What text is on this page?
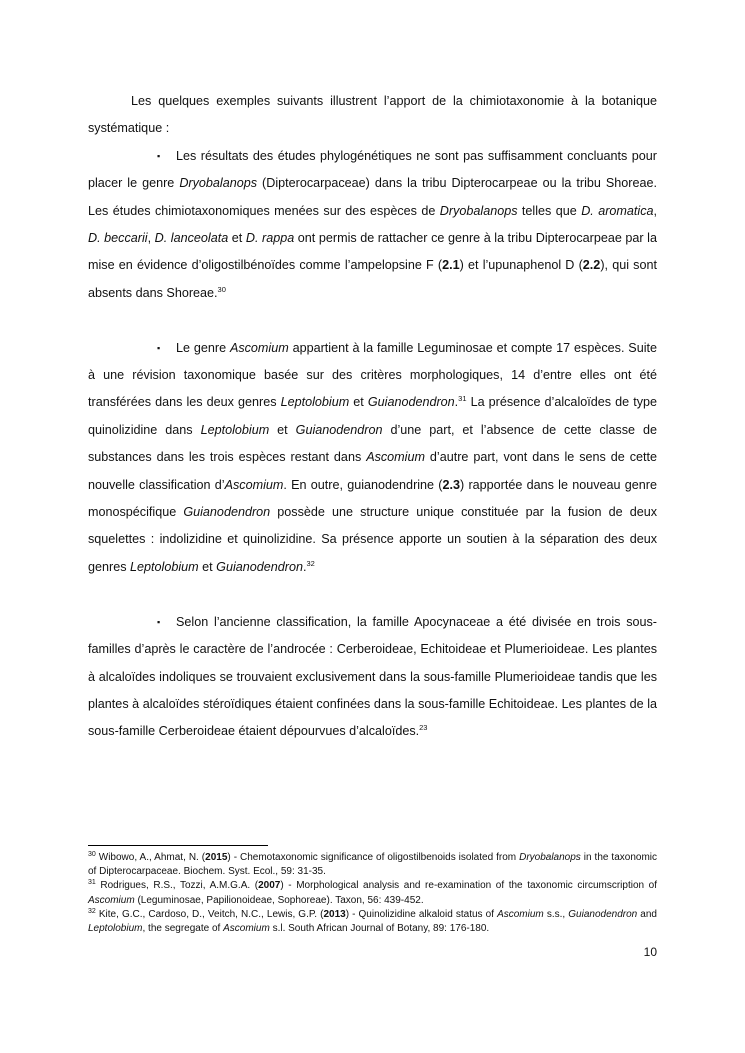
Les quelques exemples suivants illustrent l’apport de la chimiotaxonomie à la botanique systématique :

▪ Les résultats des études phylogénétiques ne sont pas suffisamment concluants pour placer le genre Dryobalanops (Dipterocarpaceae) dans la tribu Dipterocarpeae ou la tribu Shoreae. Les études chimiotaxonomiques menées sur des espèces de Dryobalanops telles que D. aromatica, D. beccarii, D. lanceolata et D. rappa ont permis de rattacher ce genre à la tribu Dipterocarpeae par la mise en évidence d’oligostilbénoïdes comme l’ampelopsine F (2.1) et l’upunaphenol D (2.2), qui sont absents dans Shoreae.$^{30}$

▪ Le genre Ascomium appartient à la famille Leguminosae et compte 17 espèces. Suite à une révision taxonomique basée sur des critères morphologiques, 14 d’entre elles ont été transférées dans les deux genres Leptolobium et Guianodendron.$^{31}$ La présence d’alcaloïdes de type quinolizidine dans Leptolobium et Guianodendron d’une part, et l’absence de cette classe de substances dans les trois espèces restant dans Ascomium d’autre part, vont dans le sens de cette nouvelle classification d’Ascomium. En outre, guianodendrine (2.3) rapportée dans le nouveau genre monospécifique Guianodendron possède une structure unique constituée par la fusion de deux squelettes : indolizidine et quinolizidine. Sa présence apporte un soutien à la séparation des deux genres Leptolobium et Guianodendron.$^{32}$

▪ Selon l’ancienne classification, la famille Apocynaceae a été divisée en trois sous-familles d’après le caractère de l’androcée : Cerberoideae, Echitoideae et Plumerioideae. Les plantes à alcaloïdes indoliques se trouvaient exclusivement dans la sous-famille Plumerioideae tandis que les plantes à alcaloïdes stéroïdiques étaient confinées dans la sous-famille Echitoideae. Les plantes de la sous-famille Cerberoideae étaient dépourvues d’alcaloïdes.$^{23}$

$^{30}$ Wibowo, A., Ahmat, N. (2015) - Chemotaxonomic significance of oligostilbenoids isolated from Dryobalanops in the taxonomic of Dipterocarpaceae. Biochem. Syst. Ecol., 59: 31-35.

$^{31}$ Rodrigues, R.S., Tozzi, A.M.G.A. (2007) - Morphological analysis and re-examination of the taxonomic circumscription of Ascomium (Leguminosae, Papilionoideae, Sophoreae). Taxon, 56: 439-452.

$^{32}$ Kite, G.C., Cardoso, D., Veitch, N.C., Lewis, G.P. (2013) - Quinolizidine alkaloid status of Ascomium s.s., Guianodendron and Leptolobium, the segregate of Ascomium s.l. South African Journal of Botany, 89: 176-180.

10
